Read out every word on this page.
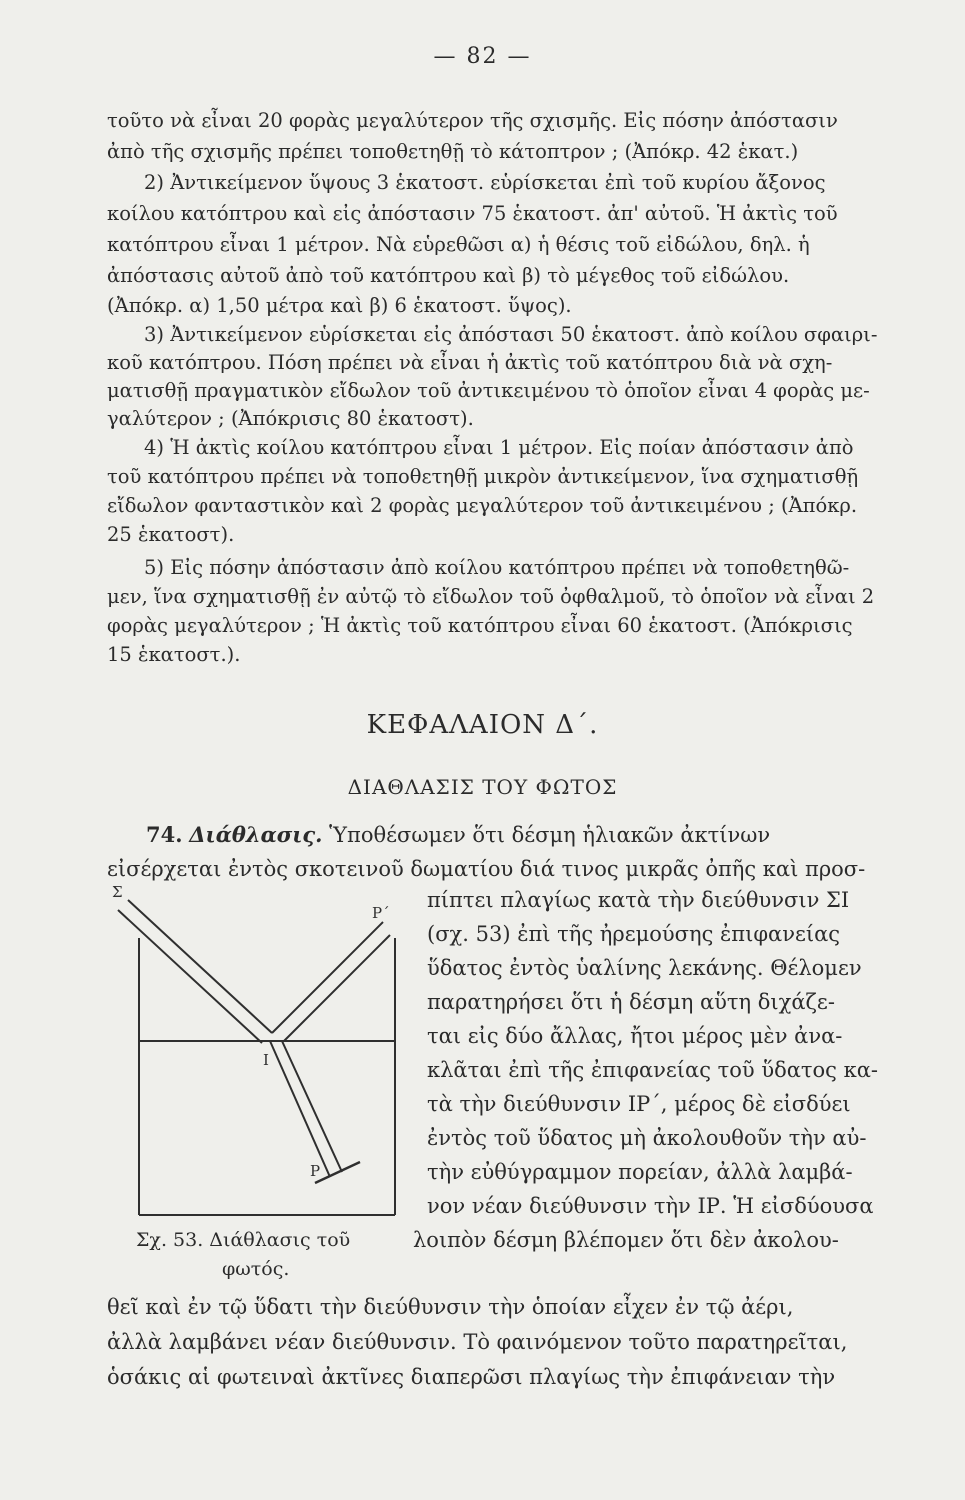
— 82 —
τοῦτο νὰ εἶναι 20 φορὰς μεγαλύτερον τῆς σχισμῆς. Εἰς πόσην ἀπόστασιν
ἀπὸ τῆς σχισμῆς πρέπει τοποθετηθῇ τὸ κάτοπτρον ; (Ἀπόκρ. 42 ἑκατ.)
2) Ἀντικείμενον ὕψους 3 ἑκατοστ. εὑρίσκεται ἐπὶ τοῦ κυρίου ἄξονος
κοίλου κατόπτρου καὶ εἰς ἀπόστασιν 75 ἑκατοστ. ἀπ' αὐτοῦ. Ἡ ἀκτὶς τοῦ
κατόπτρου εἶναι 1 μέτρον. Νὰ εὑρεθῶσι α) ἡ θέσις τοῦ εἰδώλου, δηλ. ἡ
ἀπόστασις αὐτοῦ ἀπὸ τοῦ κατόπτρου καὶ β) τὸ μέγεθος τοῦ εἰδώλου.
(Ἀπόκρ. α) 1,50 μέτρα καὶ β) 6 ἑκατοστ. ὕψος).
3) Ἀντικείμενον εὑρίσκεται εἰς ἀπόστασι 50 ἑκατοστ. ἀπὸ κοίλου σφαιρι-
κοῦ κατόπτρου. Πόση πρέπει νὰ εἶναι ἡ ἀκτὶς τοῦ κατόπτρου διὰ νὰ σχη-
ματισθῇ πραγματικὸν εἴδωλον τοῦ ἀντικειμένου τὸ ὁποῖον εἶναι 4 φορὰς με-
γαλύτερον ; (Ἀπόκρισις 80 ἑκατοστ).
4) Ἡ ἀκτὶς κοίλου κατόπτρου εἶναι 1 μέτρον. Εἰς ποίαν ἀπόστασιν ἀπὸ
τοῦ κατόπτρου πρέπει νὰ τοποθετηθῇ μικρὸν ἀντικείμενον, ἵνα σχηματισθῇ
εἴδωλον φανταστικὸν καὶ 2 φορὰς μεγαλύτερον τοῦ ἀντικειμένου ; (Ἀπόκρ.
25 ἑκατοστ).
5) Εἰς πόσην ἀπόστασιν ἀπὸ κοίλου κατόπτρου πρέπει νὰ τοποθετηθῶ-
μεν, ἵνα σχηματισθῇ ἐν αὐτῷ τὸ εἴδωλον τοῦ ὀφθαλμοῦ, τὸ ὁποῖον νὰ εἶναι 2
φορὰς μεγαλύτερον ; Ἡ ἀκτὶς τοῦ κατόπτρου εἶναι 60 ἑκατοστ. (Ἀπόκρισις
15 ἑκατοστ.).
ΚΕΦΑΛΑΙΟΝ Δ΄.
ΔΙΑΘΛΑΣΙΣ ΤΟΥ ΦΩΤΟΣ
74. Διάθλασις. Ὑποθέσωμεν ὅτι δέσμη ἡλιακῶν ἀκτίνων
εἰσέρχεται ἐντὸς σκοτεινοῦ δωματίου διά τινος μικρᾶς ὀπῆς καὶ προσ-
πίπτει πλαγίως κατὰ τὴν διεύθυνσιν ΣΙ
(σχ. 53) ἐπὶ τῆς ἠρεμούσης ἐπιφανείας
ὕδατος ἐντὸς ὑαλίνης λεκάνης. Θέλομεν
παρατηρήσει ὅτι ἡ δέσμη αὕτη διχάζε-
ται εἰς δύο ἄλλας, ἤτοι μέρος μὲν ἀνα-
κλᾶται ἐπὶ τῆς ἐπιφανείας τοῦ ὕδατος κα-
τὰ τὴν διεύθυνσιν ΙΡ΄, μέρος δὲ εἰσδύει
ἐντὸς τοῦ ὕδατος μὴ ἀκολουθοῦν τὴν αὐ-
τὴν εὐθύγραμμον πορείαν, ἀλλὰ λαμβά-
νον νέαν διεύθυνσιν τὴν ΙΡ. Ἡ εἰσδύουσα
λοιπὸν δέσμη βλέπομεν ὅτι δὲν ἀκολου-
Σ
Ρ΄
Ι
Ρ
Σχ. 53. Διάθλασις τοῦ
φωτός.
θεῖ καὶ ἐν τῷ ὕδατι τὴν διεύθυνσιν τὴν ὁποίαν εἶχεν ἐν τῷ ἀέρι,
ἀλλὰ λαμβάνει νέαν διεύθυνσιν. Τὸ φαινόμενον τοῦτο παρατηρεῖται,
ὁσάκις αἱ φωτειναὶ ἀκτῖνες διαπερῶσι πλαγίως τὴν ἐπιφάνειαν τὴν
